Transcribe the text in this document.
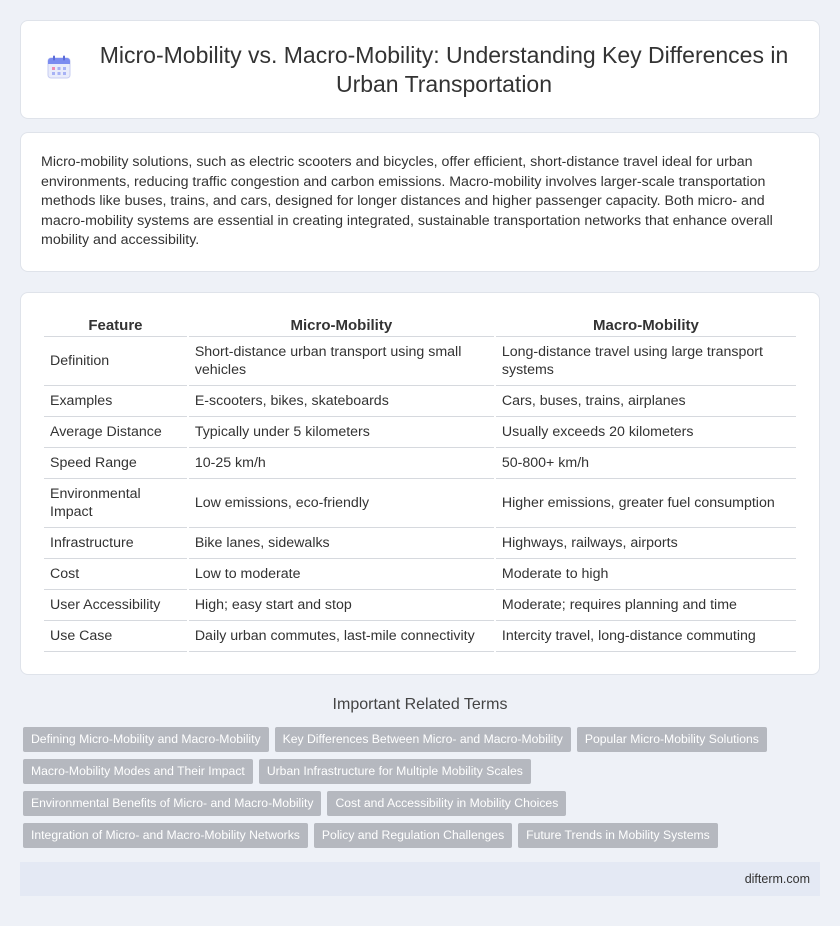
Micro-Mobility vs. Macro-Mobility: Understanding Key Differences in Urban Transportation

Micro-mobility solutions, such as electric scooters and bicycles, offer efficient, short-distance travel ideal for urban environments, reducing traffic congestion and carbon emissions. Macro-mobility involves larger-scale transportation methods like buses, trains, and cars, designed for longer distances and higher passenger capacity. Both micro- and macro-mobility systems are essential in creating integrated, sustainable transportation networks that enhance overall mobility and accessibility.

Feature	Micro-Mobility	Macro-Mobility
Definition	Short-distance urban transport using small vehicles	Long-distance travel using large transport systems
Examples	E-scooters, bikes, skateboards	Cars, buses, trains, airplanes
Average Distance	Typically under 5 kilometers	Usually exceeds 20 kilometers
Speed Range	10-25 km/h	50-800+ km/h
Environmental Impact	Low emissions, eco-friendly	Higher emissions, greater fuel consumption
Infrastructure	Bike lanes, sidewalks	Highways, railways, airports
Cost	Low to moderate	Moderate to high
User Accessibility	High; easy start and stop	Moderate; requires planning and time
Use Case	Daily urban commutes, last-mile connectivity	Intercity travel, long-distance commuting
Important Related Terms
Defining Micro-Mobility and Macro-Mobility	Key Differences Between Micro- and Macro-Mobility	Popular Micro-Mobility Solutions
Macro-Mobility Modes and Their Impact	Urban Infrastructure for Multiple Mobility Scales
Environmental Benefits of Micro- and Macro-Mobility	Cost and Accessibility in Mobility Choices
Integration of Micro- and Macro-Mobility Networks	Policy and Regulation Challenges	Future Trends in Mobility Systems
difterm.com
